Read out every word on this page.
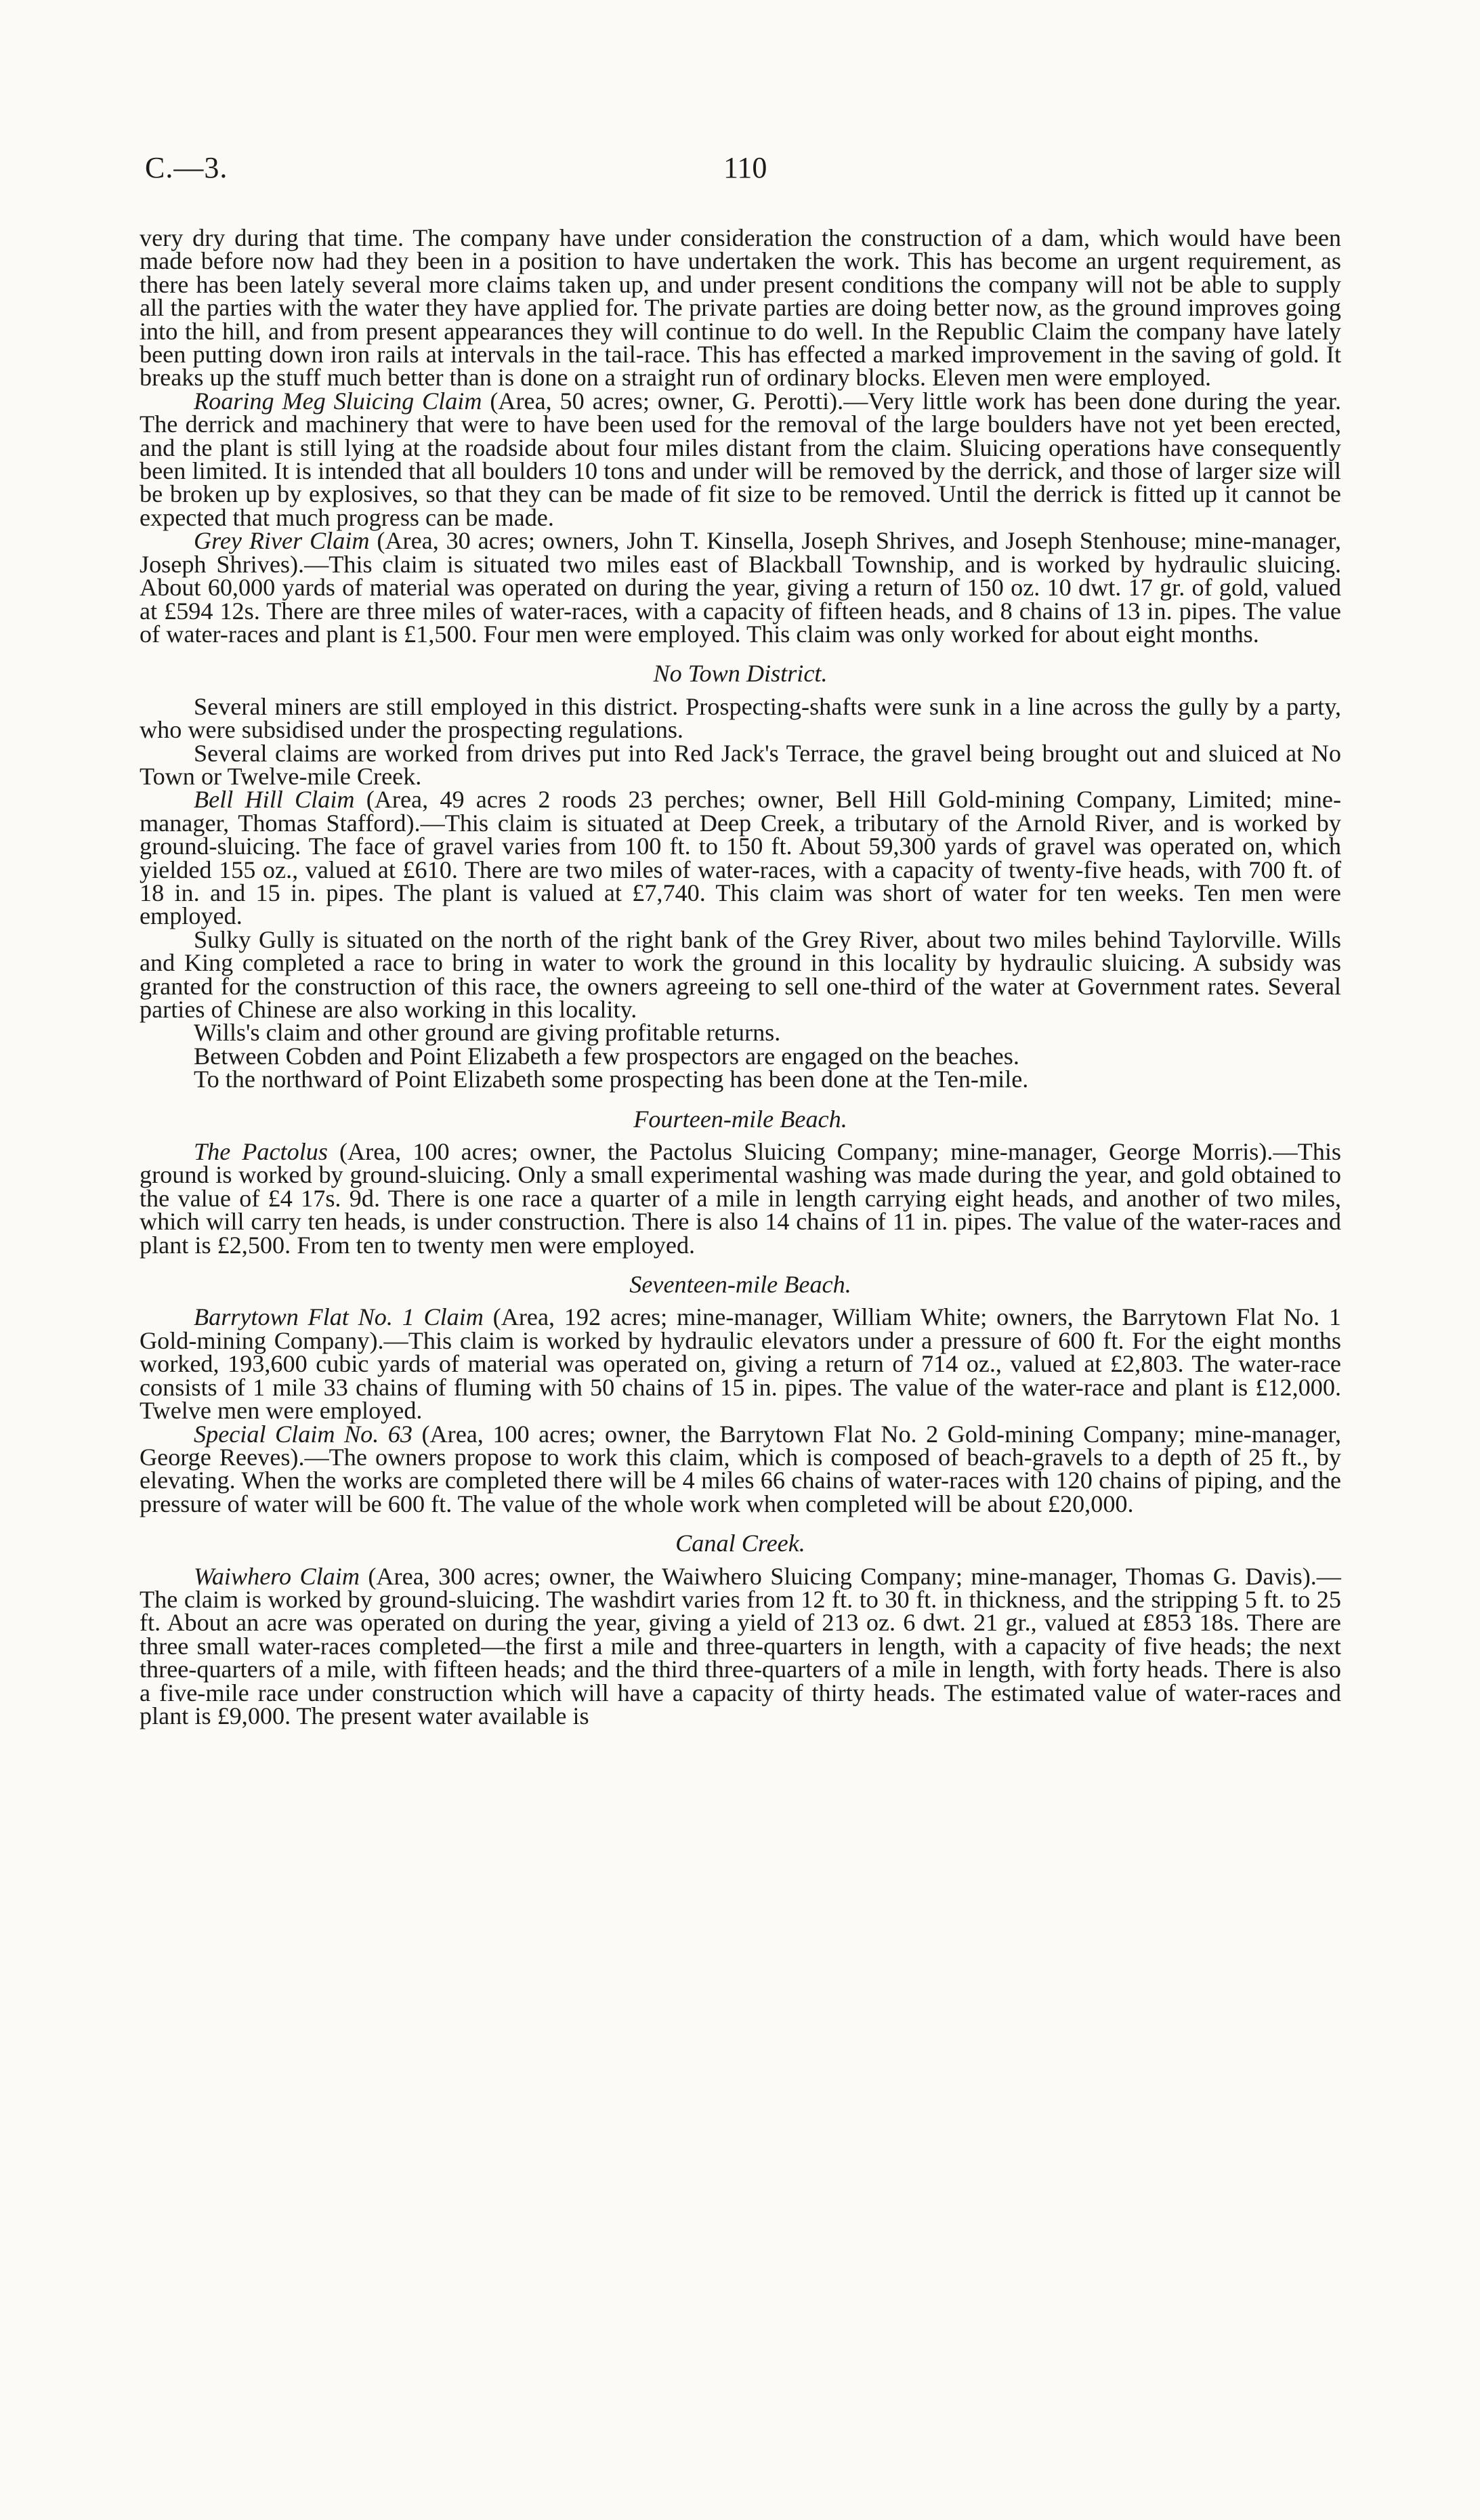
C.—3.	110

very dry during that time. The company have under consideration the construction of a dam, which would have been made before now had they been in a position to have undertaken the work. This has become an urgent requirement, as there has been lately several more claims taken up, and under present conditions the company will not be able to supply all the parties with the water they have applied for. The private parties are doing better now, as the ground improves going into the hill, and from present appearances they will continue to do well. In the Republic Claim the company have lately been putting down iron rails at intervals in the tail-race. This has effected a marked improvement in the saving of gold. It breaks up the stuff much better than is done on a straight run of ordinary blocks. Eleven men were employed.

Roaring Meg Sluicing Claim (Area, 50 acres; owner, G. Perotti).—Very little work has been done during the year. The derrick and machinery that were to have been used for the removal of the large boulders have not yet been erected, and the plant is still lying at the roadside about four miles distant from the claim. Sluicing operations have consequently been limited. It is intended that all boulders 10 tons and under will be removed by the derrick, and those of larger size will be broken up by explosives, so that they can be made of fit size to be removed. Until the derrick is fitted up it cannot be expected that much progress can be made.

Grey River Claim (Area, 30 acres; owners, John T. Kinsella, Joseph Shrives, and Joseph Stenhouse; mine-manager, Joseph Shrives).—This claim is situated two miles east of Blackball Township, and is worked by hydraulic sluicing. About 60,000 yards of material was operated on during the year, giving a return of 150 oz. 10 dwt. 17 gr. of gold, valued at £594 12s. There are three miles of water-races, with a capacity of fifteen heads, and 8 chains of 13 in. pipes. The value of water-races and plant is £1,500. Four men were employed. This claim was only worked for about eight months.

No Town District.

Several miners are still employed in this district. Prospecting-shafts were sunk in a line across the gully by a party, who were subsidised under the prospecting regulations.

Several claims are worked from drives put into Red Jack's Terrace, the gravel being brought out and sluiced at No Town or Twelve-mile Creek.

Bell Hill Claim (Area, 49 acres 2 roods 23 perches; owner, Bell Hill Gold-mining Company, Limited; mine-manager, Thomas Stafford).—This claim is situated at Deep Creek, a tributary of the Arnold River, and is worked by ground-sluicing. The face of gravel varies from 100 ft. to 150 ft. About 59,300 yards of gravel was operated on, which yielded 155 oz., valued at £610. There are two miles of water-races, with a capacity of twenty-five heads, with 700 ft. of 18 in. and 15 in. pipes. The plant is valued at £7,740. This claim was short of water for ten weeks. Ten men were employed.

Sulky Gully is situated on the north of the right bank of the Grey River, about two miles behind Taylorville. Wills and King completed a race to bring in water to work the ground in this locality by hydraulic sluicing. A subsidy was granted for the construction of this race, the owners agreeing to sell one-third of the water at Government rates. Several parties of Chinese are also working in this locality.

Wills's claim and other ground are giving profitable returns.

Between Cobden and Point Elizabeth a few prospectors are engaged on the beaches.

To the northward of Point Elizabeth some prospecting has been done at the Ten-mile.

Fourteen-mile Beach.

The Pactolus (Area, 100 acres; owner, the Pactolus Sluicing Company; mine-manager, George Morris).—This ground is worked by ground-sluicing. Only a small experimental washing was made during the year, and gold obtained to the value of £4 17s. 9d. There is one race a quarter of a mile in length carrying eight heads, and another of two miles, which will carry ten heads, is under construction. There is also 14 chains of 11 in. pipes. The value of the water-races and plant is £2,500. From ten to twenty men were employed.

Seventeen-mile Beach.

Barrytown Flat No. 1 Claim (Area, 192 acres; mine-manager, William White; owners, the Barrytown Flat No. 1 Gold-mining Company).—This claim is worked by hydraulic elevators under a pressure of 600 ft. For the eight months worked, 193,600 cubic yards of material was operated on, giving a return of 714 oz., valued at £2,803. The water-race consists of 1 mile 33 chains of fluming with 50 chains of 15 in. pipes. The value of the water-race and plant is £12,000. Twelve men were employed.

Special Claim No. 63 (Area, 100 acres; owner, the Barrytown Flat No. 2 Gold-mining Company; mine-manager, George Reeves).—The owners propose to work this claim, which is composed of beach-gravels to a depth of 25 ft., by elevating. When the works are completed there will be 4 miles 66 chains of water-races with 120 chains of piping, and the pressure of water will be 600 ft. The value of the whole work when completed will be about £20,000.

Canal Creek.

Waiwhero Claim (Area, 300 acres; owner, the Waiwhero Sluicing Company; mine-manager, Thomas G. Davis).—The claim is worked by ground-sluicing. The washdirt varies from 12 ft. to 30 ft. in thickness, and the stripping 5 ft. to 25 ft. About an acre was operated on during the year, giving a yield of 213 oz. 6 dwt. 21 gr., valued at £853 18s. There are three small water-races completed—the first a mile and three-quarters in length, with a capacity of five heads; the next three-quarters of a mile, with fifteen heads; and the third three-quarters of a mile in length, with forty heads. There is also a five-mile race under construction which will have a capacity of thirty heads. The estimated value of water-races and plant is £9,000. The present water available is
